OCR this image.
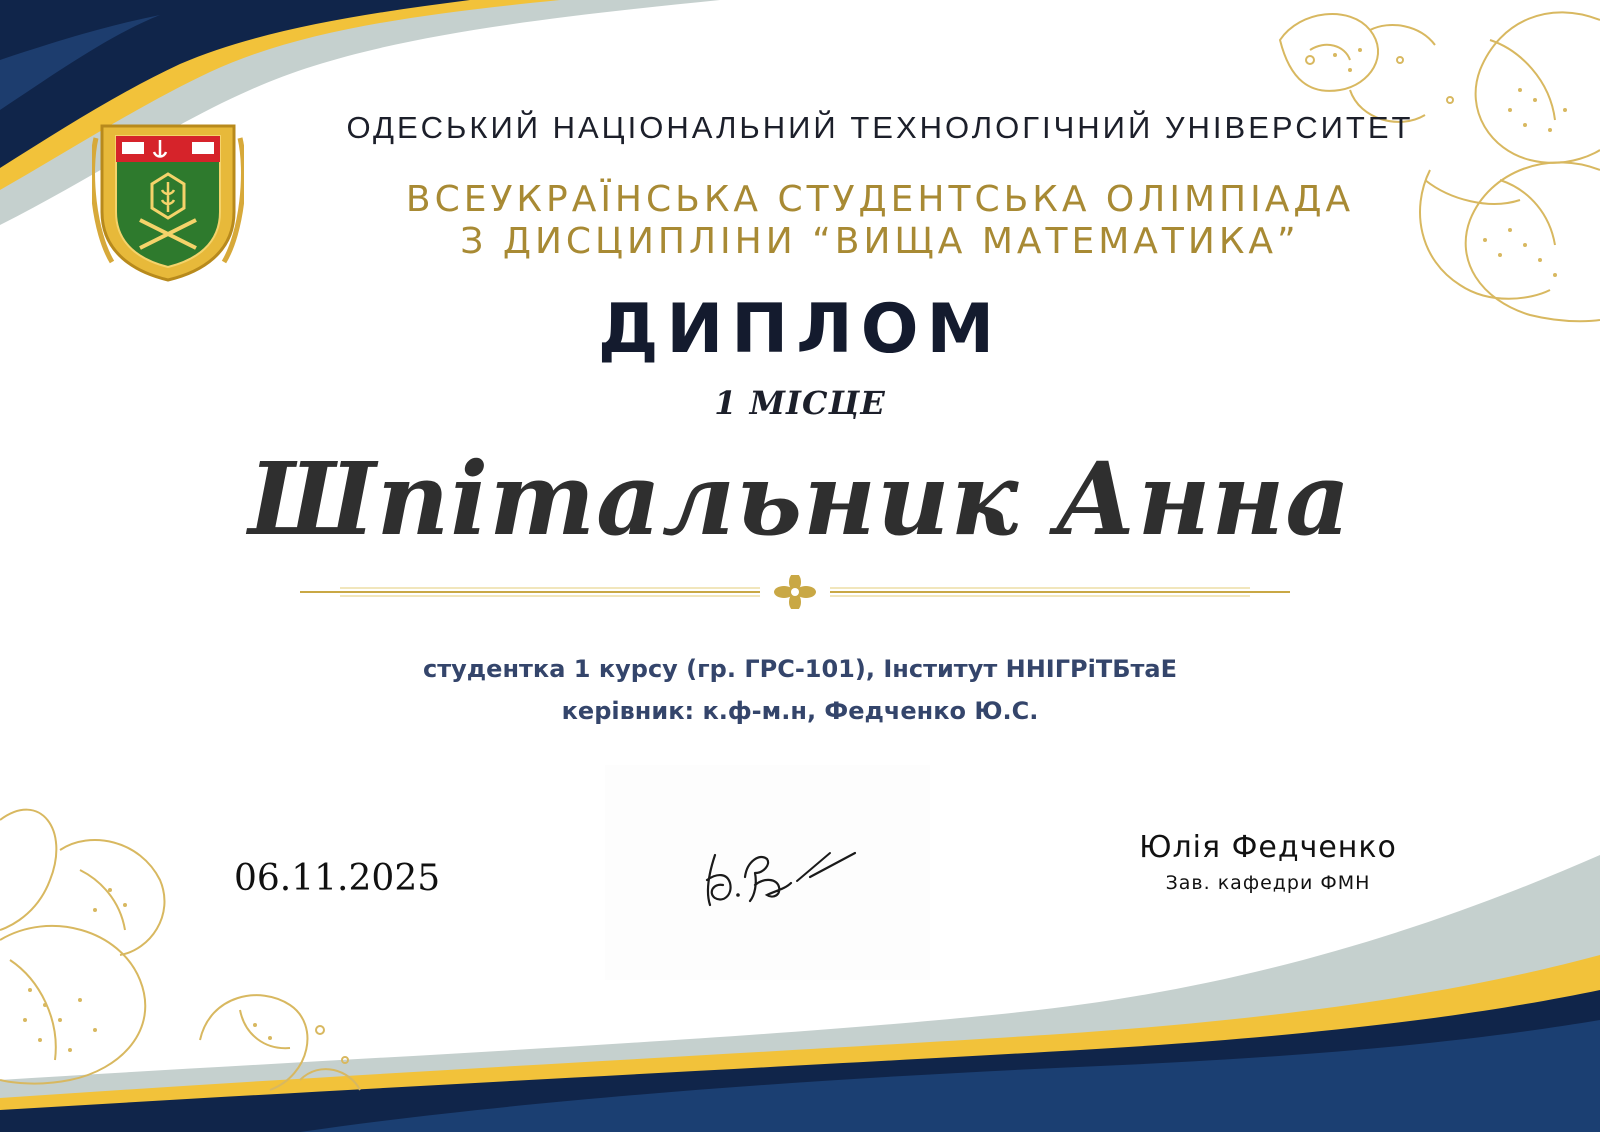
ОДЕСЬКИЙ НАЦІОНАЛЬНИЙ ТЕХНОЛОГІЧНИЙ УНІВЕРСИТЕТ
ВСЕУКРАЇНСЬКА СТУДЕНТСЬКА ОЛІМПІАДА
З ДИСЦИПЛІНИ “ВИЩА МАТЕМАТИКА”
ДИПЛОМ
1 МІСЦЕ
Шпітальник Анна
студентка 1 курсу (гр. ГРС-101), Інститут ННІГРіТБтаЕ
керівник: к.ф-м.н, Федченко Ю.С.
06.11.2025
Юлія Федченко
Зав. кафедри ФМН
